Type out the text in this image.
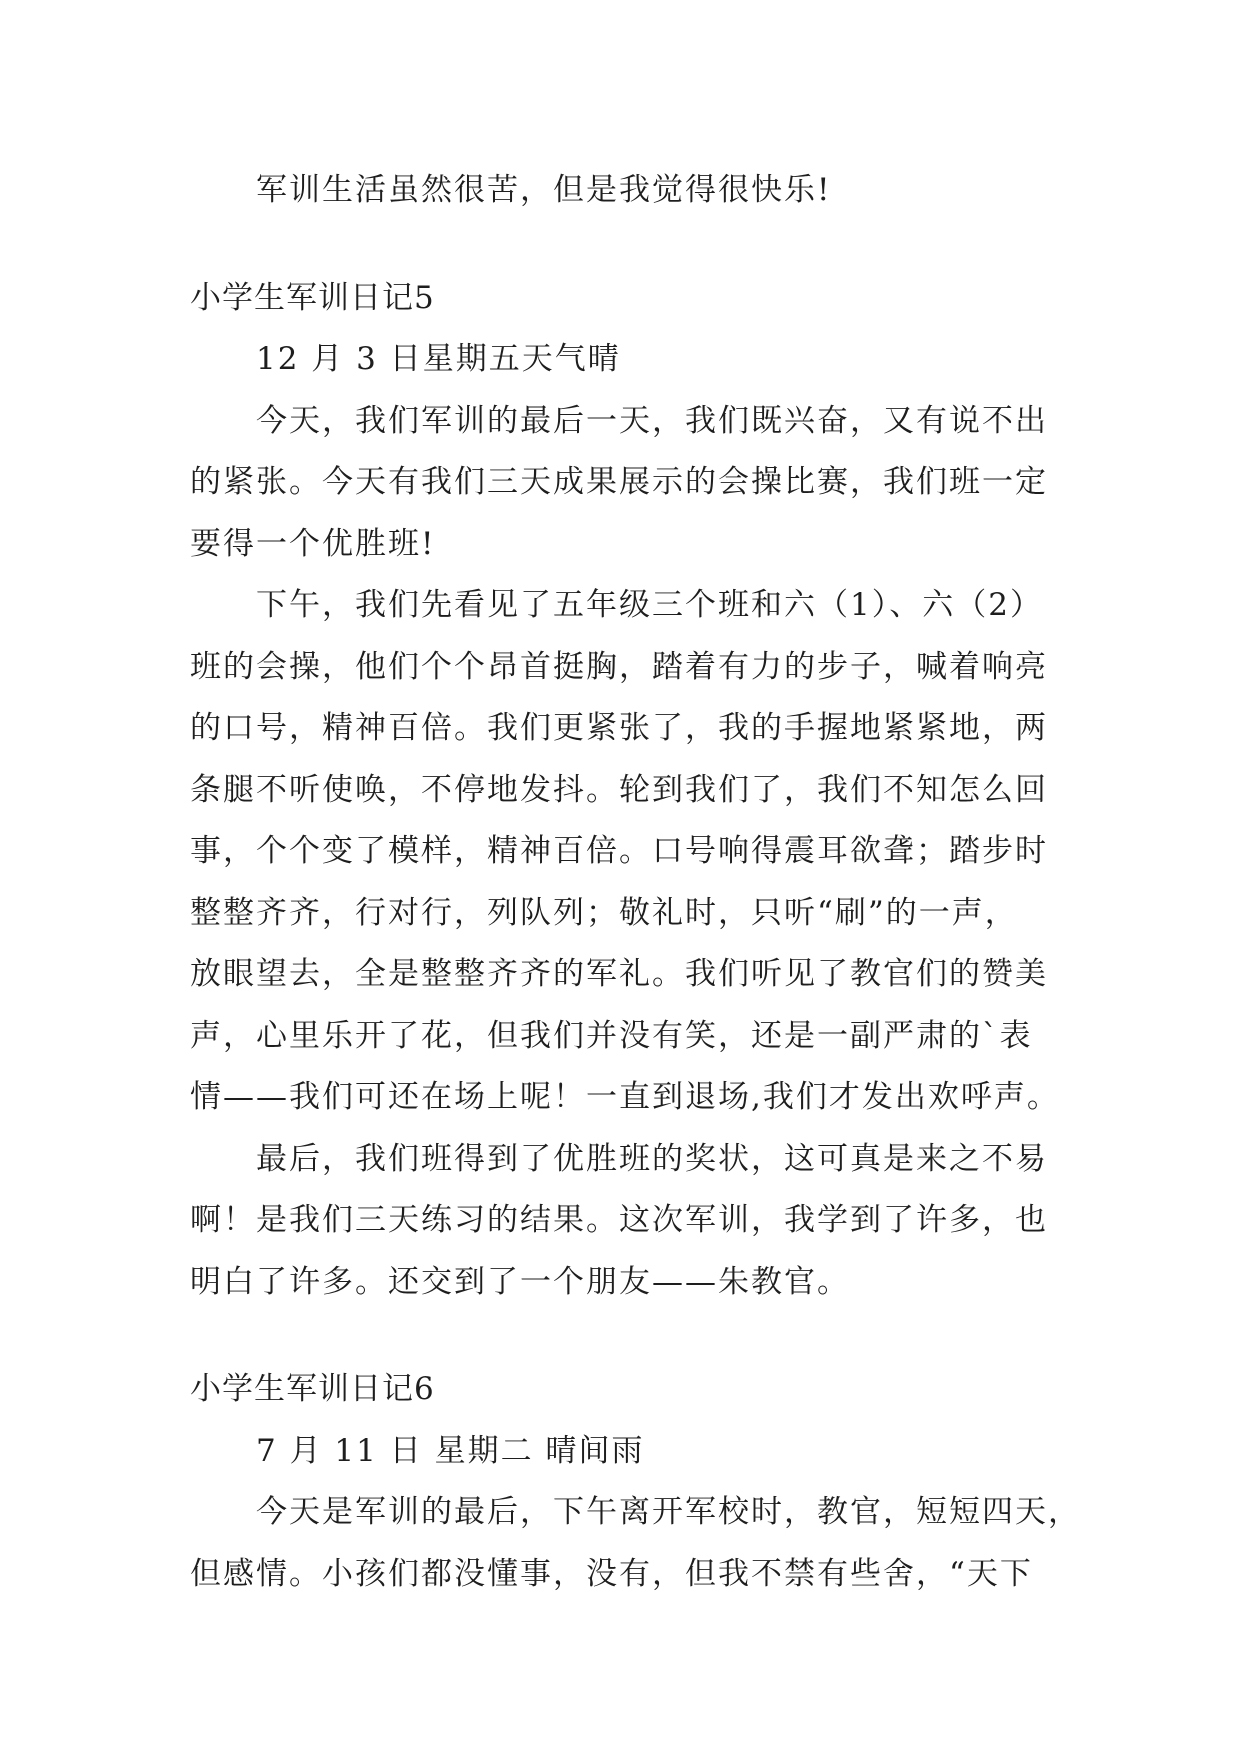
军训生活虽然很苦，但是我觉得很快乐!
小学生军训日记5
12 月 3 日星期五天气晴
今天，我们军训的最后一天，我们既兴奋，又有说不出
的紧张。今天有我们三天成果展示的会操比赛，我们班一定
要得一个优胜班!
下午，我们先看见了五年级三个班和六（1）、六（2）
班的会操，他们个个昂首挺胸，踏着有力的步子，喊着响亮
的口号，精神百倍。我们更紧张了，我的手握地紧紧地，两
条腿不听使唤，不停地发抖。轮到我们了，我们不知怎么回
事，个个变了模样，精神百倍。口号响得震耳欲聋；踏步时
整整齐齐，行对行，列队列；敬礼时，只听“刷”的一声，
放眼望去，全是整整齐齐的军礼。我们听见了教官们的赞美
声，心里乐开了花，但我们并没有笑，还是一副严肃的`表
情——我们可还在场上呢！一直到退场,我们才发出欢呼声。
最后，我们班得到了优胜班的奖状，这可真是来之不易
啊！是我们三天练习的结果。这次军训，我学到了许多，也
明白了许多。还交到了一个朋友——朱教官。
小学生军训日记6
7 月 11 日 星期二 晴间雨
今天是军训的最后，下午离开军校时，教官，短短四天，
但感情。小孩们都没懂事，没有，但我不禁有些舍，“天下
